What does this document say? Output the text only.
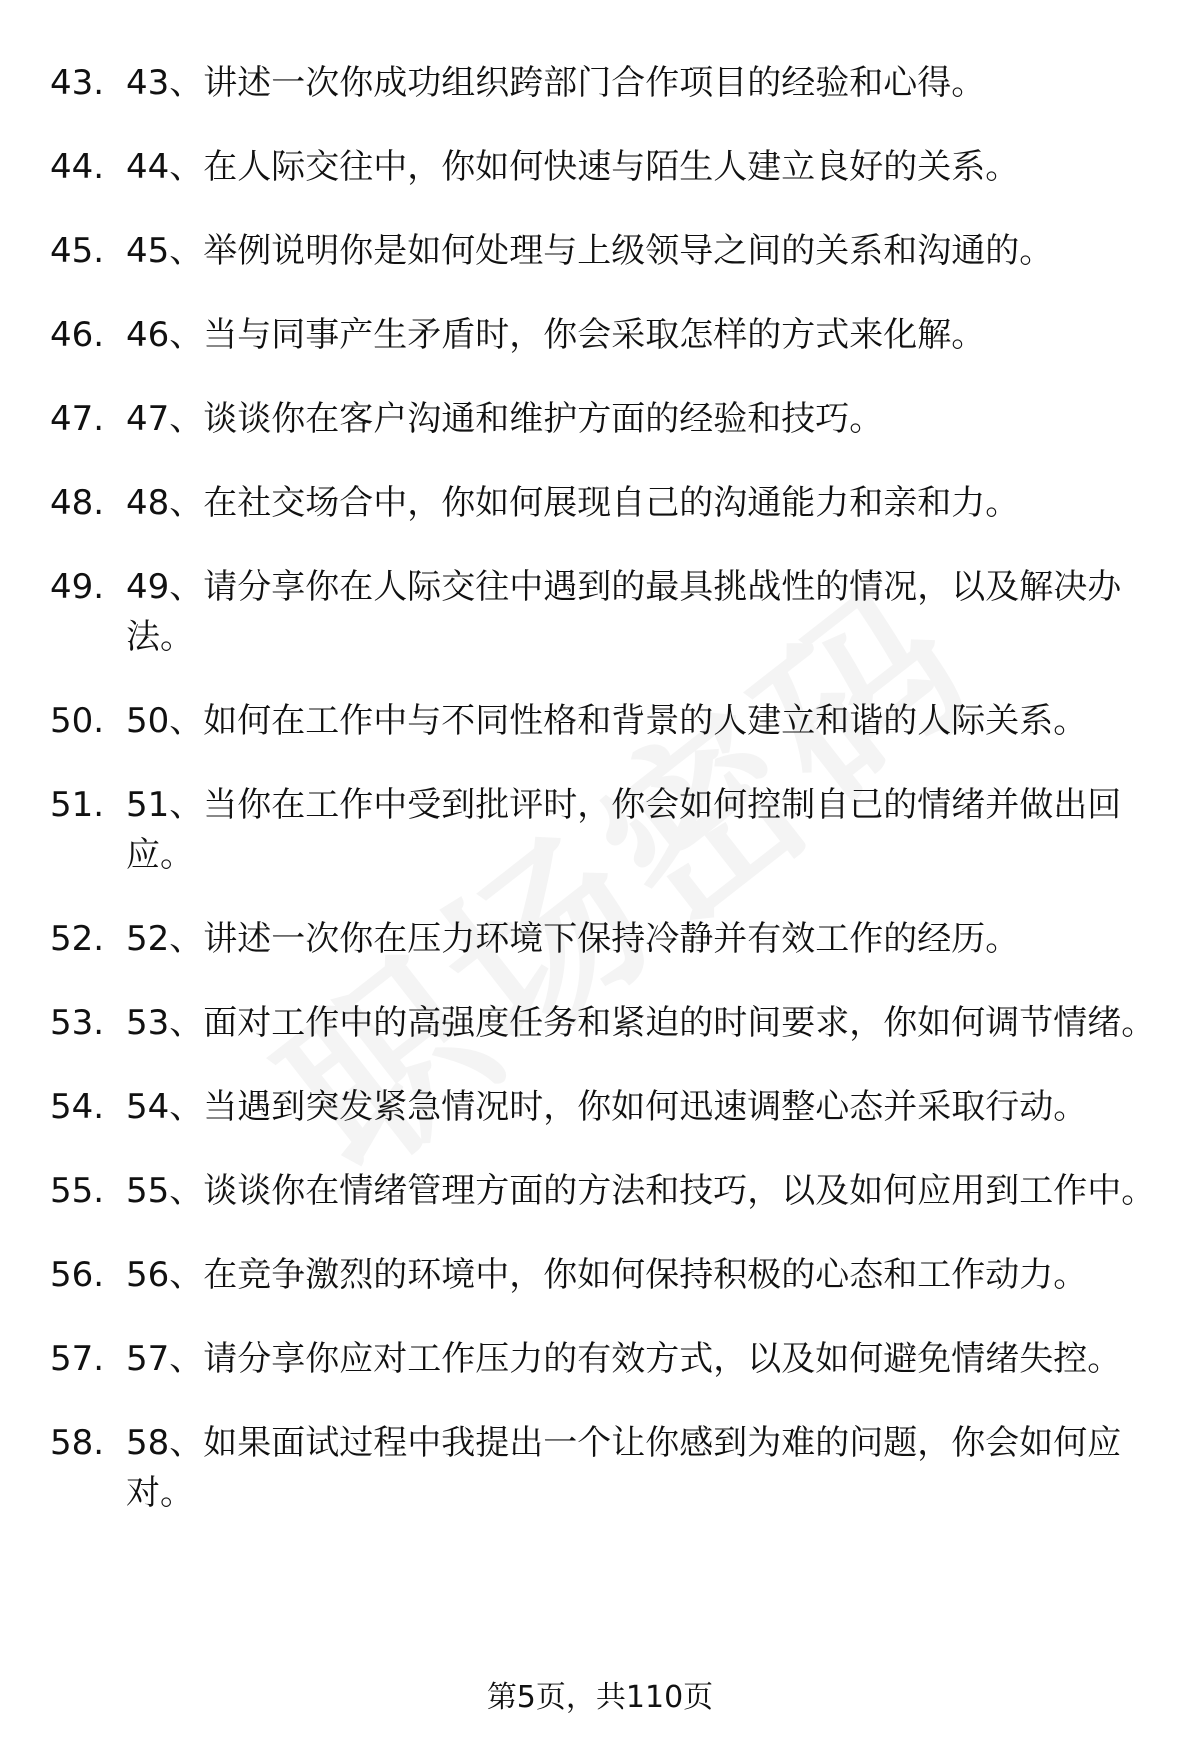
43. 43、讲述一次你成功组织跨部门合作项目的经验和心得。
44. 44、在人际交往中，你如何快速与陌生人建立良好的关系。
45. 45、举例说明你是如何处理与上级领导之间的关系和沟通的。
46. 46、当与同事产生矛盾时，你会采取怎样的方式来化解。
47. 47、谈谈你在客户沟通和维护方面的经验和技巧。
48. 48、在社交场合中，你如何展现自己的沟通能力和亲和力。
49. 49、请分享你在人际交往中遇到的最具挑战性的情况，以及解决办法。
50. 50、如何在工作中与不同性格和背景的人建立和谐的人际关系。
51. 51、当你在工作中受到批评时，你会如何控制自己的情绪并做出回应。
52. 52、讲述一次你在压力环境下保持冷静并有效工作的经历。
53. 53、面对工作中的高强度任务和紧迫的时间要求，你如何调节情绪。
54. 54、当遇到突发紧急情况时，你如何迅速调整心态并采取行动。
55. 55、谈谈你在情绪管理方面的方法和技巧，以及如何应用到工作中。
56. 56、在竞争激烈的环境中，你如何保持积极的心态和工作动力。
57. 57、请分享你应对工作压力的有效方式，以及如何避免情绪失控。
58. 58、如果面试过程中我提出一个让你感到为难的问题，你会如何应对。
第5页，共110页
